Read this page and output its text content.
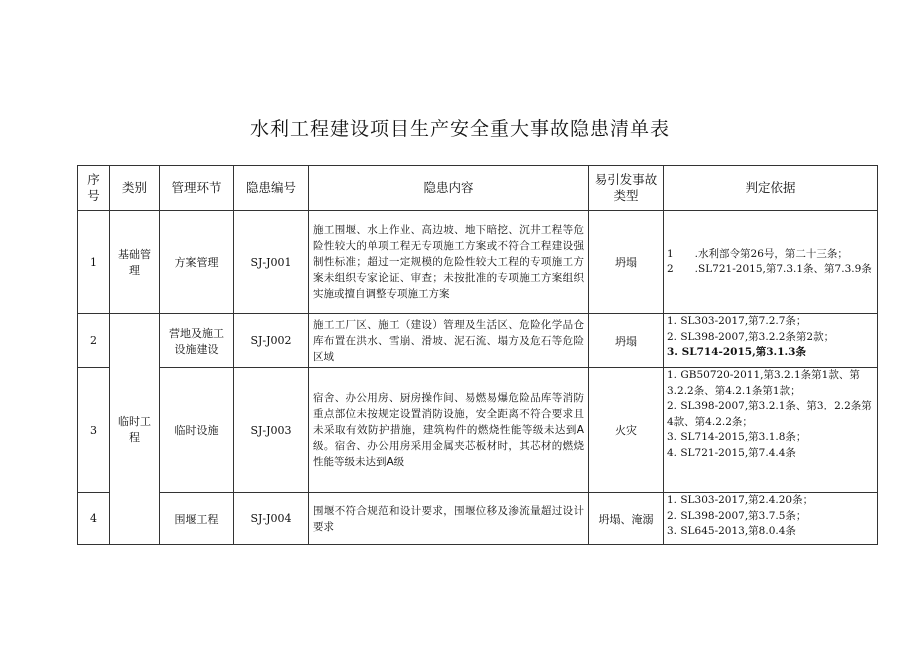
水利工程建设项目生产安全重大事故隐患清单表
序号	类别	管理环节	隐患编号	隐患内容	易引发事故类型	判定依据
1	基础管理	方案管理	SJ-J001	施工围堰、水上作业、高边坡、地下暗挖、沉井工程等危险性较大的单项工程无专项施工方案或不符合工程建设强制性标准；超过一定规模的危险性较大工程的专项施工方案未组织专家论证、审查；未按批准的专项施工方案组织实施或擅自调整专项施工方案	坍塌	1　　.水利部令第26号，第二十三条；
2　　.SL721-2015,第7.3.1条、第7.3.9条

2	临时工程	营地及施工设施建设	SJ-J002	施工工厂区、施工（建设）管理及生活区、危险化学品仓库布置在洪水、雪崩、滑坡、泥石流、塌方及危石等危险区域	坍塌	1. SL303-2017,第7.2.7条；
2. SL398-2007,第3.2.2条第2款；
3. SL714-2015,第3.1.3条

3		临时设施	SJ-J003	宿舍、办公用房、厨房操作间、易燃易爆危险品库等消防重点部位未按规定设置消防设施，安全距离不符合要求且未采取有效防护措施，建筑构件的燃烧性能等级未达到A级。宿舍、办公用房采用金属夹芯板材时，其芯材的燃烧性能等级未达到A级	火灾	1. GB50720-2011,第3.2.1条第1款、第3.2.2条、第4.2.1条第1款；
2. SL398-2007,第3.2.1条、第3．2.2条第4款、第4.2.2条；
3. SL714-2015,第3.1.8条；
4. SL721-2015,第7.4.4条

4		围堰工程	SJ-J004	围堰不符合规范和设计要求，围堰位移及渗流量超过设计要求	坍塌、淹溺	1. SL303-2017,第2.4.20条；
2. SL398-2007,第3.7.5条；
3. SL645-2013,第8.0.4条
